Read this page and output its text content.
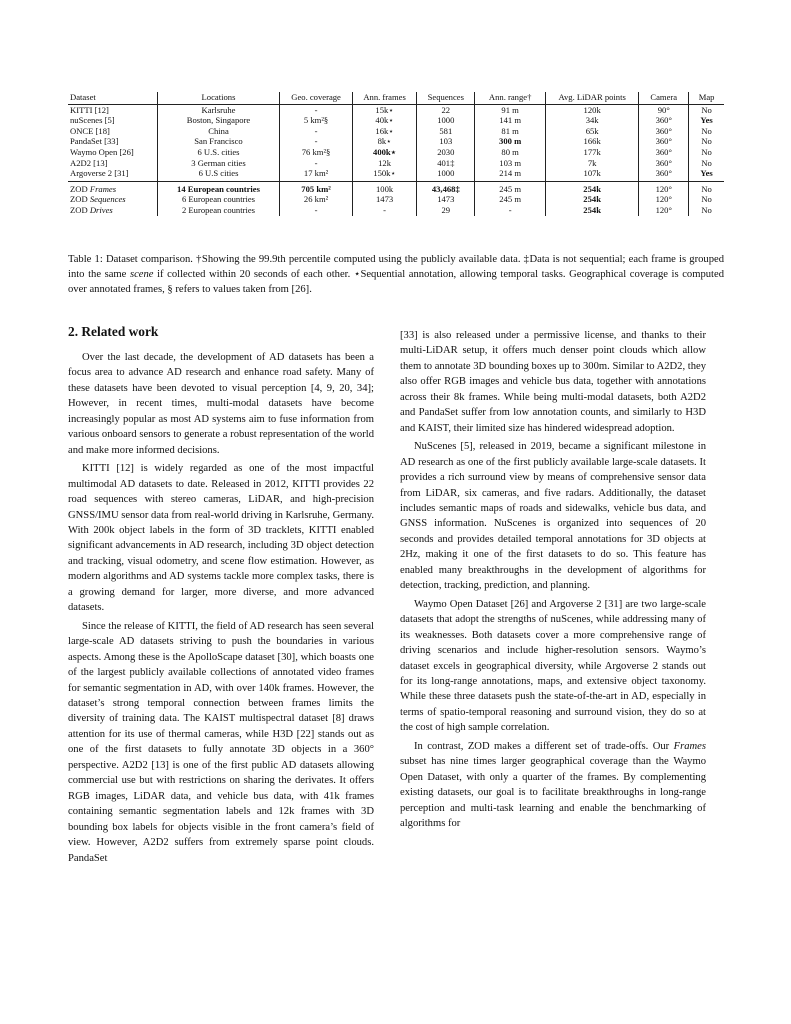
Dataset	Locations	Geo. coverage	Ann. frames	Sequences	Ann. range†	Avg. LiDAR points	Camera	Map
KITTI [12]	Karlsruhe	-	15k⋆	22	91 m	120k	90°	No
nuScenes [5]	Boston, Singapore	5 km²§	40k⋆	1000	141 m	34k	360°	Yes
ONCE [18]	China	-	16k⋆	581	81 m	65k	360°	No
PandaSet [33]	San Francisco	-	8k⋆	103	300 m	166k	360°	No
Waymo Open [26]	6 U.S. cities	76 km²§	400k⋆	2030	80 m	177k	360°	No
A2D2 [13]	3 German cities	-	12k	401‡	103 m	7k	360°	No
Argoverse 2 [31]	6 U.S cities	17 km²	150k⋆	1000	214 m	107k	360°	Yes
ZOD Frames	14 European countries	705 km²	100k	43,468‡	245 m	254k	120°	No
ZOD Sequences	6 European countries	26 km²	1473	1473	245 m	254k	120°	No
ZOD Drives	2 European countries	-	-	29	-	254k	120°	No
Table 1: Dataset comparison. †Showing the 99.9th percentile computed using the publicly available data. ‡Data is not sequential; each frame is grouped into the same scene if collected within 20 seconds of each other. ⋆Sequential annotation, allowing temporal tasks. Geographical coverage is computed over annotated frames, § refers to values taken from [26].
2. Related work

Over the last decade, the development of AD datasets has been a focus area to advance AD research and enhance road safety. Many of these datasets have been devoted to visual perception [4, 9, 20, 34]; However, in recent times, multi-modal datasets have become increasingly popular as most AD systems aim to fuse information from various onboard sensors to generate a robust representation of the world and make more informed decisions.

KITTI [12] is widely regarded as one of the most impactful multimodal AD datasets to date. Released in 2012, KITTI provides 22 road sequences with stereo cameras, LiDAR, and high-precision GNSS/IMU sensor data from real-world driving in Karlsruhe, Germany. With 200k object labels in the form of 3D tracklets, KITTI enabled significant advancements in AD research, including 3D object detection and tracking, visual odometry, and scene flow estimation. However, as modern algorithms and AD systems tackle more complex tasks, there is a growing demand for larger, more diverse, and more advanced datasets.

Since the release of KITTI, the field of AD research has seen several large-scale AD datasets striving to push the boundaries in various aspects. Among these is the ApolloScape dataset [30], which boasts one of the largest publicly available collections of annotated video frames for semantic segmentation in AD, with over 140k frames. However, the dataset’s strong temporal connection between frames limits the diversity of training data. The KAIST multispectral dataset [8] draws attention for its use of thermal cameras, while H3D [22] stands out as one of the first datasets to fully annotate 3D objects in a 360° perspective. A2D2 [13] is one of the first public AD datasets allowing commercial use but with restrictions on sharing the derivates. It offers RGB images, LiDAR data, and vehicle bus data, with 41k frames containing semantic segmentation labels and 12k frames with 3D bounding box labels for objects visible in the front camera’s field of view. However, A2D2 suffers from extremely sparse point clouds. PandaSet

[33] is also released under a permissive license, and thanks to their multi-LiDAR setup, it offers much denser point clouds which allow them to annotate 3D bounding boxes up to 300m. Similar to A2D2, they also offer RGB images and vehicle bus data, together with annotations across their 8k frames. While being multi-modal datasets, both A2D2 and PandaSet suffer from low annotation counts, and similarly to H3D and KAIST, their limited size has hindered widespread adoption.

NuScenes [5], released in 2019, became a significant milestone in AD research as one of the first publicly available large-scale datasets. It provides a rich surround view by means of comprehensive sensor data from LiDAR, six cameras, and five radars. Additionally, the dataset includes semantic maps of roads and sidewalks, vehicle bus data, and GNSS information. NuScenes is organized into sequences of 20 seconds and provides detailed temporal annotations for 3D objects at 2Hz, making it one of the first datasets to do so. This feature has enabled many breakthroughs in the development of algorithms for detection, tracking, prediction, and planning.

Waymo Open Dataset [26] and Argoverse 2 [31] are two large-scale datasets that adopt the strengths of nuScenes, while addressing many of its weaknesses. Both datasets cover a more comprehensive range of driving scenarios and include higher-resolution sensors. Waymo’s dataset excels in geographical diversity, while Argoverse 2 stands out for its long-range annotations, maps, and extensive object taxonomy. While these three datasets push the state-of-the-art in AD, especially in terms of spatio-temporal reasoning and surround vision, they do so at the cost of high sample correlation.

In contrast, ZOD makes a different set of trade-offs. Our Frames subset has nine times larger geographical coverage than the Waymo Open Dataset, with only a quarter of the frames. By complementing existing datasets, our goal is to facilitate breakthroughs in long-range perception and multi-task learning and enable the benchmarking of algorithms for
